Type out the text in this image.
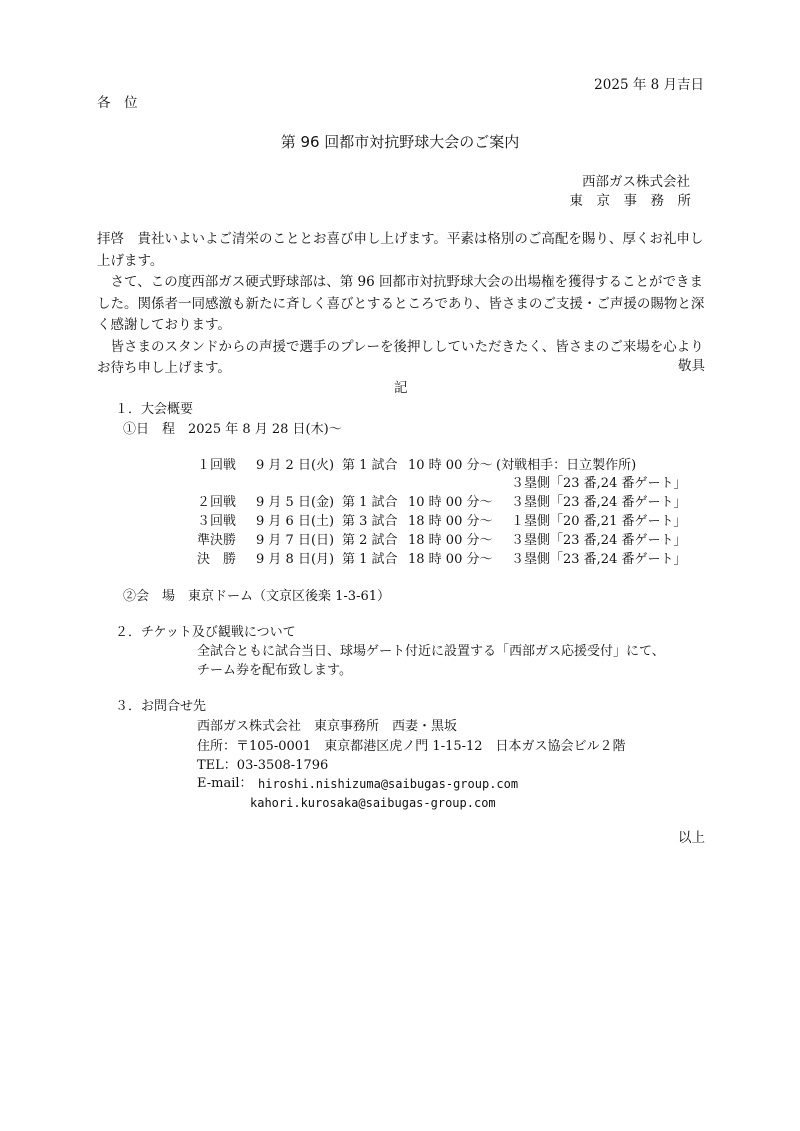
2025 年 8 月吉日
各　位
第 96 回都市対抗野球大会のご案内
西部ガス株式会社
東　京　事　務　所

拝啓　貴社いよいよご清栄のこととお喜び申し上げます。平素は格別のご高配を賜り、厚くお礼申し上げます。

　さて、この度西部ガス硬式野球部は、第 96 回都市対抗野球大会の出場権を獲得することができました。関係者一同感激も新たに斉しく喜びとするところであり、皆さまのご支援・ご声援の賜物と深く感謝しております。

　皆さまのスタンドからの声援で選手のプレーを後押ししていただきたく、皆さまのご来場を心よりお待ち申し上げます。	敬具
記
１．大会概要
①日　程　2025 年 8 月 28 日(木)～
１回戦 9 月 2 日(火) 第 1 試合 10 時 00 分～ (対戦相手：日立製作所)
３塁側「23 番,24 番ゲート」
２回戦 9 月 5 日(金) 第 1 試合 10 時 00 分～ ３塁側「23 番,24 番ゲート」
３回戦 9 月 6 日(土) 第 3 試合 18 時 00 分～ １塁側「20 番,21 番ゲート」
準決勝 9 月 7 日(日) 第 2 試合 18 時 00 分～ ３塁側「23 番,24 番ゲート」
決　勝 9 月 8 日(月) 第 1 試合 18 時 00 分～ ３塁側「23 番,24 番ゲート」
②会　場　東京ドーム（文京区後楽 1-3-61）
２．チケット及び観戦について
全試合ともに試合当日、球場ゲート付近に設置する「西部ガス応援受付」にて、
チーム券を配布致します。
３．お問合せ先
西部ガス株式会社　東京事務所　西妻・黒坂
住所：〒105-0001　東京都港区虎ノ門 1-15-12　日本ガス協会ビル２階
TEL：03-3508-1796
E-mail： hiroshi.nishizuma@saibugas-group.com
kahori.kurosaka@saibugas-group.com
以上
